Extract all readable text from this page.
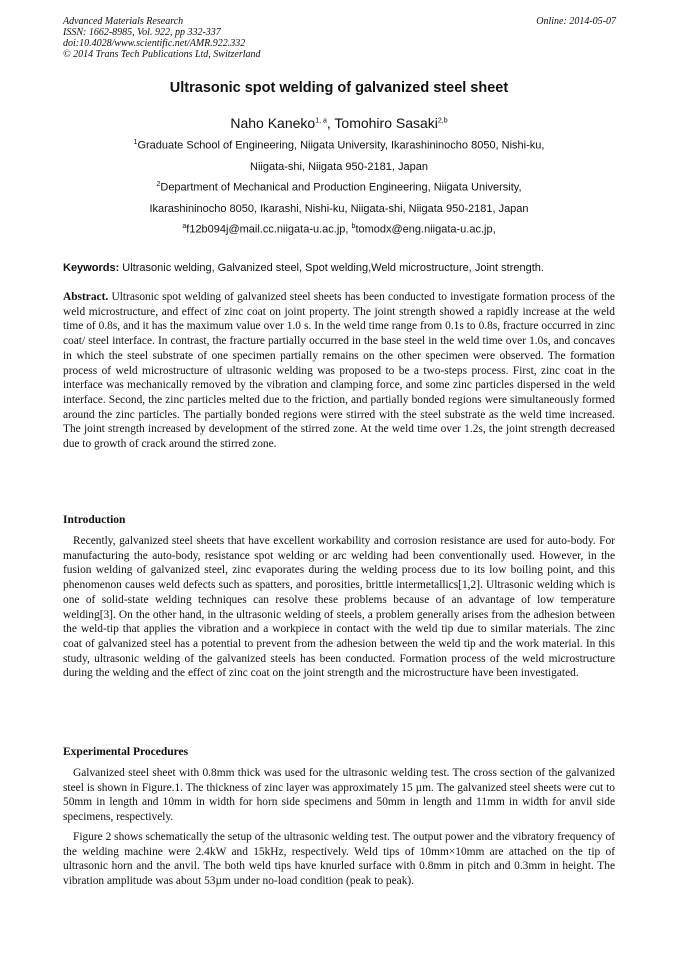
Advanced Materials Research
ISSN: 1662-8985, Vol. 922, pp 332-337
doi:10.4028/www.scientific.net/AMR.922.332
© 2014 Trans Tech Publications Ltd, Switzerland
Online: 2014-05-07
Ultrasonic spot welding of galvanized steel sheet
Naho Kaneko$^{1, a}$, Tomohiro Sasaki$^{2,b}$
$^1$Graduate School of Engineering, Niigata University, Ikarashininocho 8050, Nishi-ku,
Niigata-shi, Niigata 950-2181, Japan
$^2$Department of Mechanical and Production Engineering, Niigata University,
Ikarashininocho 8050, Ikarashi, Nishi-ku, Niigata-shi, Niigata 950-2181, Japan
$^a$f12b094j@mail.cc.niigata-u.ac.jp, $^b$tomodx@eng.niigata-u.ac.jp,
Keywords: Ultrasonic welding, Galvanized steel, Spot welding,Weld microstructure, Joint strength.
Abstract. Ultrasonic spot welding of galvanized steel sheets has been conducted to investigate formation process of the weld microstructure, and effect of zinc coat on joint property. The joint strength showed a rapidly increase at the weld time of 0.8s, and it has the maximum value over 1.0 s. In the weld time range from 0.1s to 0.8s, fracture occurred in zinc coat/ steel interface. In contrast, the fracture partially occurred in the base steel in the weld time over 1.0s, and concaves in which the steel substrate of one specimen partially remains on the other specimen were observed. The formation process of weld microstructure of ultrasonic welding was proposed to be a two-steps process. First, zinc coat in the interface was mechanically removed by the vibration and clamping force, and some zinc particles dispersed in the weld interface. Second, the zinc particles melted due to the friction, and partially bonded regions were simultaneously formed around the zinc particles. The partially bonded regions were stirred with the steel substrate as the weld time increased. The joint strength increased by development of the stirred zone. At the weld time over 1.2s, the joint strength decreased due to growth of crack around the stirred zone.
Introduction
Recently, galvanized steel sheets that have excellent workability and corrosion resistance are used for auto-body. For manufacturing the auto-body, resistance spot welding or arc welding had been conventionally used. However, in the fusion welding of galvanized steel, zinc evaporates during the welding process due to its low boiling point, and this phenomenon causes weld defects such as spatters, and porosities, brittle intermetallics[1,2]. Ultrasonic welding which is one of solid-state welding techniques can resolve these problems because of an advantage of low temperature welding[3]. On the other hand, in the ultrasonic welding of steels, a problem generally arises from the adhesion between the weld-tip that applies the vibration and a workpiece in contact with the weld tip due to similar materials. The zinc coat of galvanized steel has a potential to prevent from the adhesion between the weld tip and the work material. In this study, ultrasonic welding of the galvanized steels has been conducted. Formation process of the weld microstructure during the welding and the effect of zinc coat on the joint strength and the microstructure have been investigated.
Experimental Procedures
Galvanized steel sheet with 0.8mm thick was used for the ultrasonic welding test. The cross section of the galvanized steel is shown in Figure.1. The thickness of zinc layer was approximately 15 µm. The galvanized steel sheets were cut to 50mm in length and 10mm in width for horn side specimens and 50mm in length and 11mm in width for anvil side specimens, respectively.
Figure 2 shows schematically the setup of the ultrasonic welding test. The output power and the vibratory frequency of the welding machine were 2.4kW and 15kHz, respectively. Weld tips of 10mm×10mm are attached on the tip of ultrasonic horn and the anvil. The both weld tips have knurled surface with 0.8mm in pitch and 0.3mm in height. The vibration amplitude was about 53µm under no-load condition (peak to peak).
